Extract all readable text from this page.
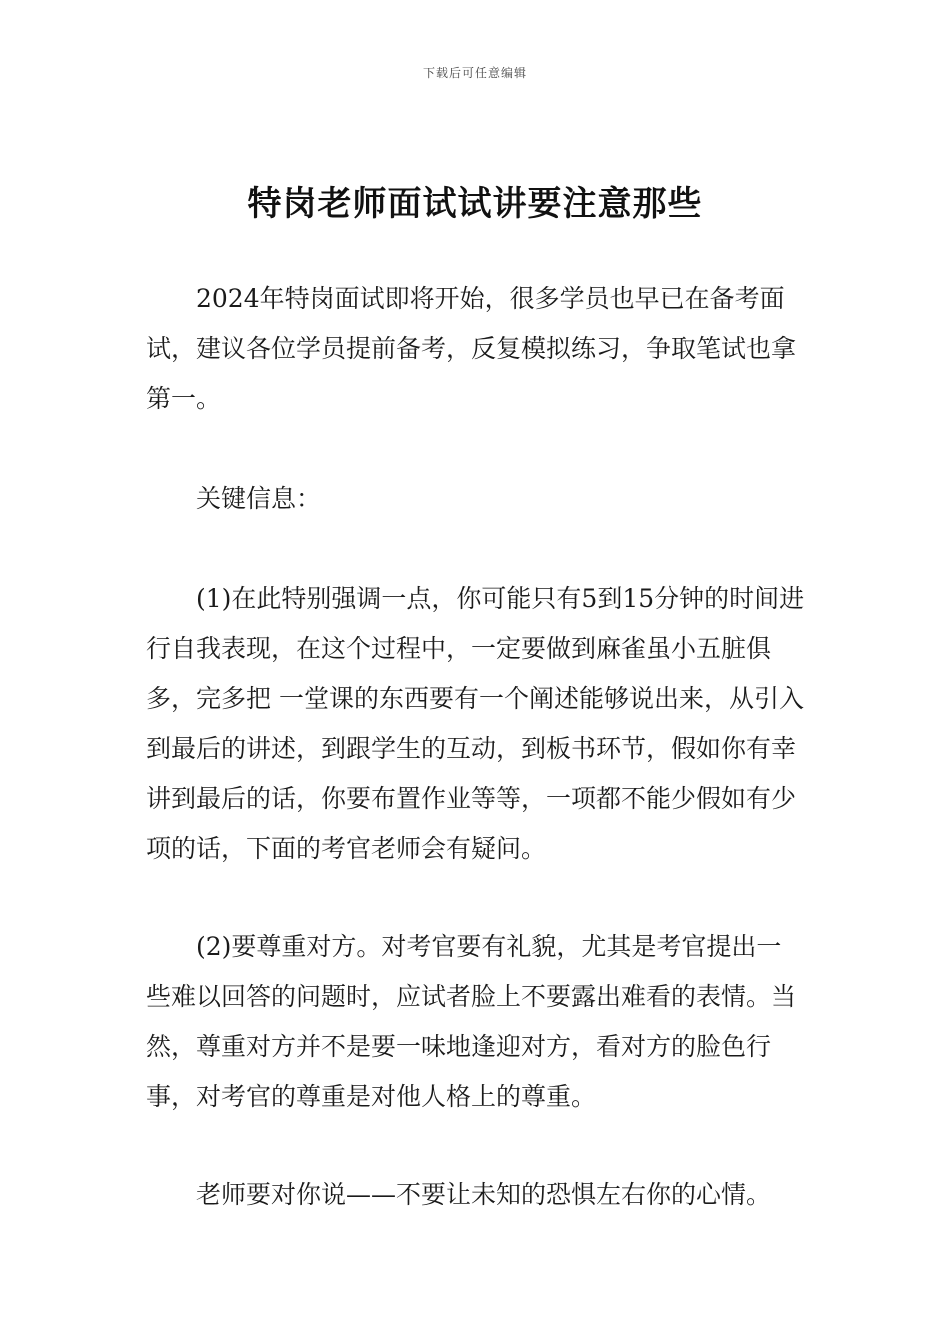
下载后可任意编辑
特岗老师面试试讲要注意那些

2024年特岗面试即将开始，很多学员也早已在备考面试，建议各位学员提前备考，反复模拟练习，争取笔试也拿第一。

关键信息：

(1)在此特别强调一点，你可能只有5到15分钟的时间进行自我表现，在这个过程中，一定要做到麻雀虽小五脏俱多，完多把 一堂课的东西要有一个阐述能够说出来，从引入到最后的讲述，到跟学生的互动，到板书环节，假如你有幸讲到最后的话，你要布置作业等等，一项都不能少假如有少项的话，下面的考官老师会有疑问。

(2)要尊重对方。对考官要有礼貌，尤其是考官提出一些难以回答的问题时，应试者脸上不要露出难看的表情。当然，尊重对方并不是要一味地逢迎对方，看对方的脸色行事，对考官的尊重是对他人格上的尊重。

老师要对你说——不要让未知的恐惧左右你的心情。
